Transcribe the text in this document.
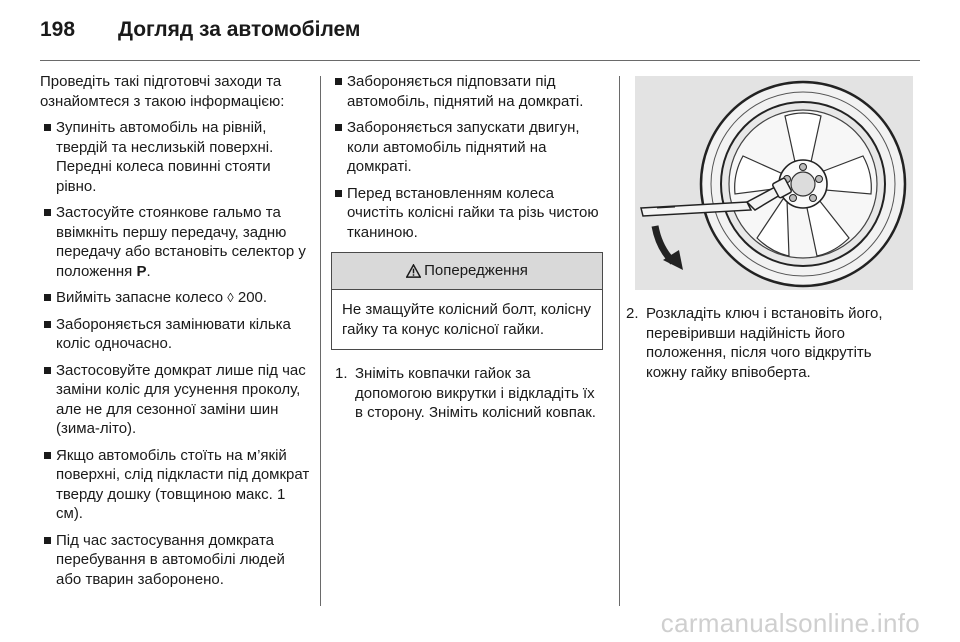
198	Догляд за автомобілем

Проведіть такі підготовчі заходи та ознайомтеся з такою інформацією:

Зупиніть автомобіль на рівній, твердій та неслизькій поверхні. Передні колеса повинні стояти рівно.
Застосуйте стоянкове гальмо та ввімкніть першу передачу, задню передачу або встановіть селектор у положення P.
Вийміть запасне колесо ◊ 200.
Забороняється замінювати кілька коліс одночасно.
Застосовуйте домкрат лише під час заміни коліс для усунення проколу, але не для сезонної заміни шин (зима-літо).
Якщо автомобіль стоїть на м’якій поверхні, слід підкласти під домкрат тверду дошку (товщиною макс. 1 см).
Під час застосування домкрата перебування в автомобілі людей або тварин заборонено.
Забороняється підповзати під автомобіль, піднятий на домкраті.
Забороняється запускати двигун, коли автомобіль піднятий на домкраті.
Перед встановленням колеса очистіть колісні гайки та різь чистою тканиною.
Попередження
Не змащуйте колісний болт, колісну гайку та конус колісної гайки.
1. Зніміть ковпачки гайок за допомогою викрутки і відкладіть їх в сторону. Зніміть колісний ковпак.
2. Розкладіть ключ і встановіть його, перевіривши надійність його положення, після чого відкрутіть кожну гайку впівоберта.
carmanualsonline.info
